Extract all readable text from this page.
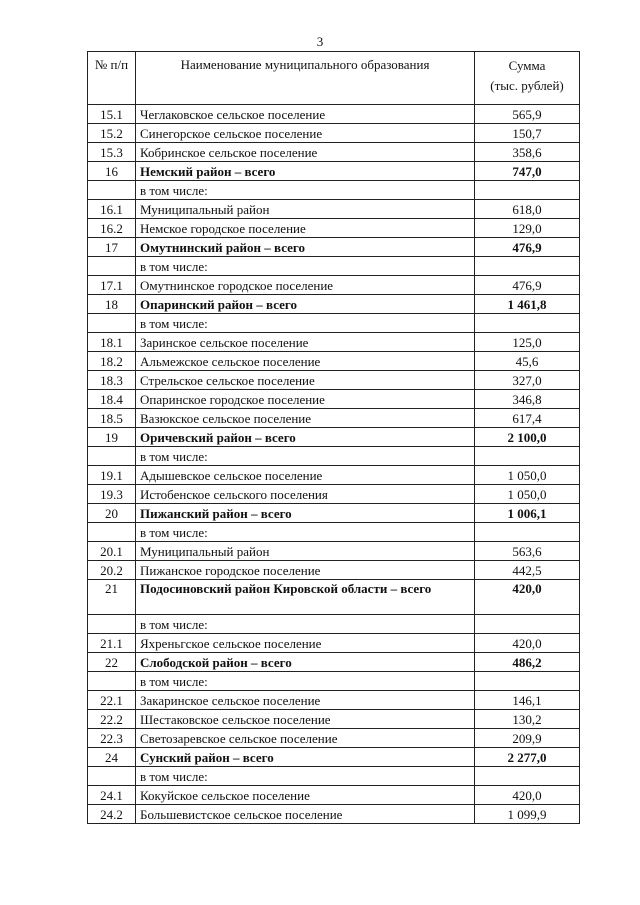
3
№ п/п	Наименование муниципального образования	Сумма
(тыс. рублей)

15.1	Чеглаковское сельское поселение	565,9
15.2	Синегорское сельское поселение	150,7
15.3	Кобринское сельское поселение	358,6
16	Немский район – всего	747,0
	в том числе:	
16.1	Муниципальный район	618,0
16.2	Немское городское поселение	129,0
17	Омутнинский район – всего	476,9
	в том числе:	
17.1	Омутнинское городское поселение	476,9
18	Опаринский район – всего	1 461,8
	в том числе:	
18.1	Заринское сельское поселение	125,0
18.2	Альмежское сельское поселение	45,6
18.3	Стрельское сельское поселение	327,0
18.4	Опаринское городское поселение	346,8
18.5	Вазюкское сельское поселение	617,4
19	Оричевский район – всего	2 100,0
	в том числе:	
19.1	Адышевское сельское поселение	1 050,0
19.3	Истобенское сельского поселения	1 050,0
20	Пижанский район – всего	1 006,1
	в том числе:	
20.1	Муниципальный район	563,6
20.2	Пижанское городское поселение	442,5
21	Подосиновский район Кировской области – всего	420,0
	в том числе:	
21.1	Яхреньгское сельское поселение	420,0
22	Слободской район – всего	486,2
	в том числе:	
22.1	Закаринское сельское поселение	146,1
22.2	Шестаковское сельское поселение	130,2
22.3	Светозаревское сельское поселение	209,9
24	Сунский район – всего	2 277,0
	в том числе:	
24.1	Кокуйское сельское поселение	420,0
24.2	Большевистское сельское поселение	1 099,9
